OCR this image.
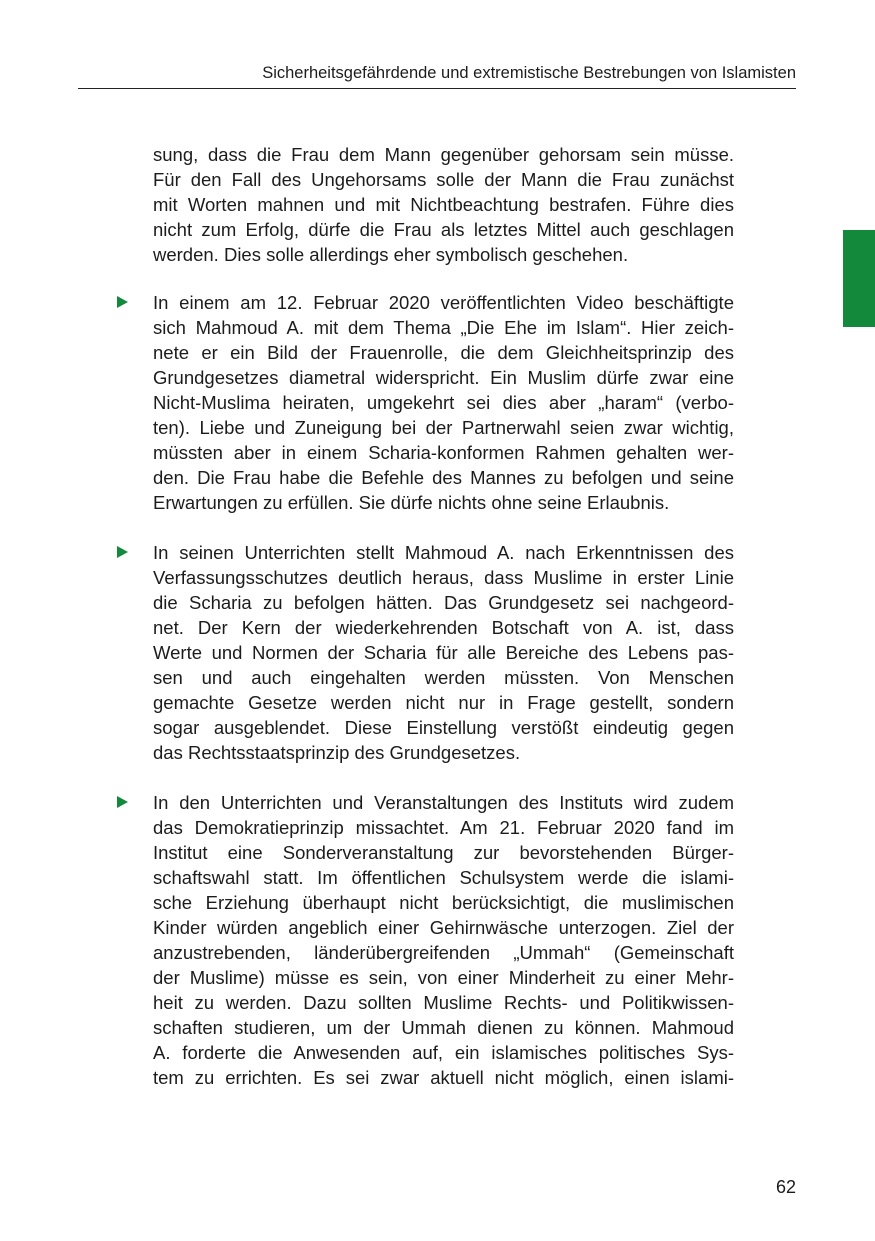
Sicherheitsgefährdende und extremistische Bestrebungen von Islamisten
sung, dass die Frau dem Mann gegenüber gehorsam sein müsse.
Für den Fall des Ungehorsams solle der Mann die Frau zunächst
mit Worten mahnen und mit Nichtbeachtung bestrafen. Führe dies
nicht zum Erfolg, dürfe die Frau als letztes Mittel auch geschlagen
werden. Dies solle allerdings eher symbolisch geschehen.
In einem am 12. Februar 2020 veröffentlichten Video beschäftigte
sich Mahmoud A. mit dem Thema „Die Ehe im Islam“. Hier zeich-
nete er ein Bild der Frauenrolle, die dem Gleichheitsprinzip des
Grundgesetzes diametral widerspricht. Ein Muslim dürfe zwar eine
Nicht-Muslima heiraten, umgekehrt sei dies aber „haram“ (verbo-
ten). Liebe und Zuneigung bei der Partnerwahl seien zwar wichtig,
müssten aber in einem Scharia-konformen Rahmen gehalten wer-
den. Die Frau habe die Befehle des Mannes zu befolgen und seine
Erwartungen zu erfüllen. Sie dürfe nichts ohne seine Erlaubnis.
In seinen Unterrichten stellt Mahmoud A. nach Erkenntnissen des
Verfassungsschutzes deutlich heraus, dass Muslime in erster Linie
die Scharia zu befolgen hätten. Das Grundgesetz sei nachgeord-
net. Der Kern der wiederkehrenden Botschaft von A. ist, dass
Werte und Normen der Scharia für alle Bereiche des Lebens pas-
sen und auch eingehalten werden müssten. Von Menschen
gemachte Gesetze werden nicht nur in Frage gestellt, sondern
sogar ausgeblendet. Diese Einstellung verstößt eindeutig gegen
das Rechtsstaatsprinzip des Grundgesetzes.
In den Unterrichten und Veranstaltungen des Instituts wird zudem
das Demokratieprinzip missachtet. Am 21. Februar 2020 fand im
Institut eine Sonderveranstaltung zur bevorstehenden Bürger-
schaftswahl statt. Im öffentlichen Schulsystem werde die islami-
sche Erziehung überhaupt nicht berücksichtigt, die muslimischen
Kinder würden angeblich einer Gehirnwäsche unterzogen. Ziel der
anzustrebenden, länderübergreifenden „Ummah“ (Gemeinschaft
der Muslime) müsse es sein, von einer Minderheit zu einer Mehr-
heit zu werden. Dazu sollten Muslime Rechts- und Politikwissen-
schaften studieren, um der Ummah dienen zu können. Mahmoud
A. forderte die Anwesenden auf, ein islamisches politisches Sys-
tem zu errichten. Es sei zwar aktuell nicht möglich, einen islami-
62
